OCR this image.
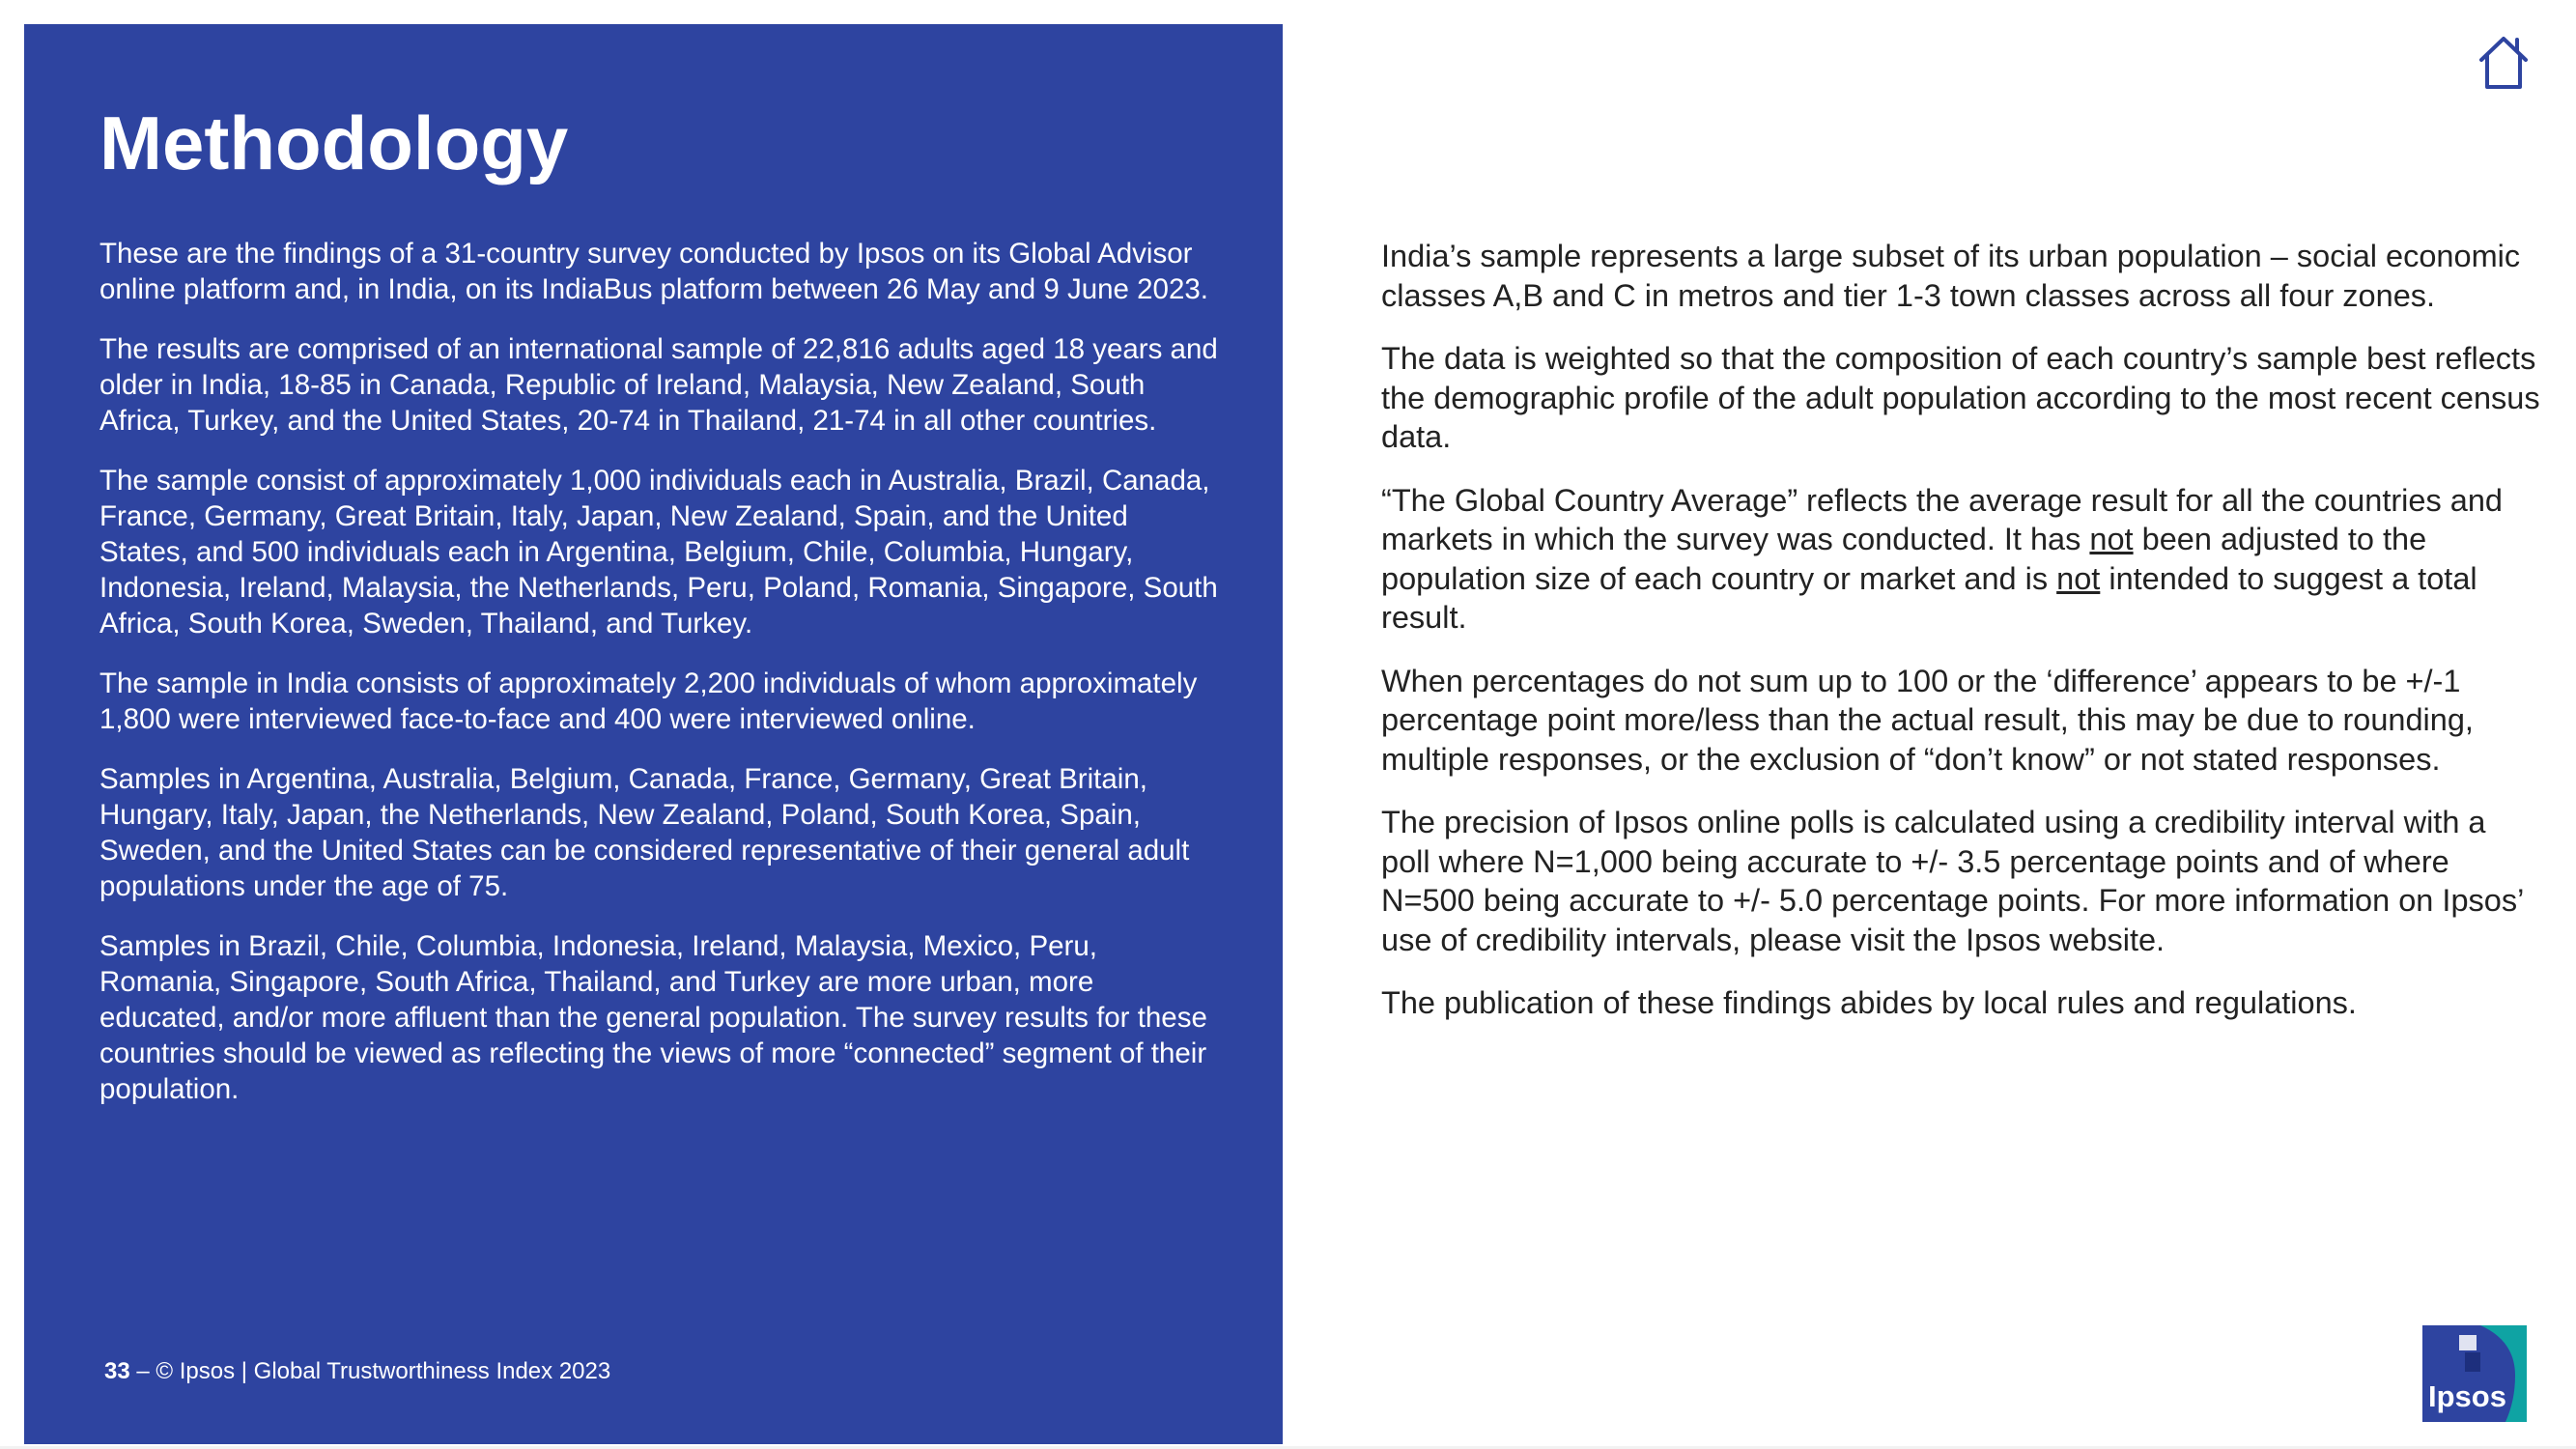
Methodology

These are the findings of a 31-country survey conducted by Ipsos on its Global Advisor online platform and, in India, on its IndiaBus platform between 26 May and 9 June 2023.

The results are comprised of an international sample of 22,816 adults aged 18 years and older in India, 18-85 in Canada, Republic of Ireland, Malaysia, New Zealand, South Africa, Turkey, and the United States, 20-74 in Thailand, 21-74 in all other countries.

The sample consist of approximately 1,000 individuals each in Australia, Brazil, Canada, France, Germany, Great Britain, Italy, Japan, New Zealand, Spain, and the United States, and 500 individuals each in Argentina, Belgium, Chile, Columbia, Hungary, Indonesia, Ireland, Malaysia, the Netherlands, Peru, Poland, Romania, Singapore, South Africa, South Korea, Sweden, Thailand, and Turkey.

The sample in India consists of approximately 2,200 individuals of whom approximately 1,800 were interviewed face-to-face and 400 were interviewed online.

Samples in Argentina, Australia, Belgium, Canada, France, Germany, Great Britain, Hungary, Italy, Japan, the Netherlands, New Zealand, Poland, South Korea, Spain, Sweden, and the United States can be considered representative of their general adult populations under the age of 75.

Samples in Brazil, Chile, Columbia, Indonesia, Ireland, Malaysia, Mexico, Peru, Romania, Singapore, South Africa, Thailand, and Turkey are more urban, more educated, and/or more affluent than the general population. The survey results for these countries should be viewed as reflecting the views of more “connected” segment of their population.

33 – © Ipsos | Global Trustworthiness Index 2023

India’s sample represents a large subset of its urban population – social economic classes A,B and C in metros and tier 1-3 town classes across all four zones.

The data is weighted so that the composition of each country’s sample best reflects the demographic profile of the adult population according to the most recent census data.

“The Global Country Average” reflects the average result for all the countries and markets in which the survey was conducted. It has not been adjusted to the population size of each country or market and is not intended to suggest a total result.

When percentages do not sum up to 100 or the ‘difference’ appears to be +/-1 percentage point more/less than the actual result, this may be due to rounding, multiple responses, or the exclusion of “don’t know” or not stated responses.

The precision of Ipsos online polls is calculated using a credibility interval with a poll where N=1,000 being accurate to +/- 3.5 percentage points and of where N=500 being accurate to +/- 5.0 percentage points. For more information on Ipsos’ use of credibility intervals, please visit the Ipsos website.

The publication of these findings abides by local rules and regulations.

Ipsos
